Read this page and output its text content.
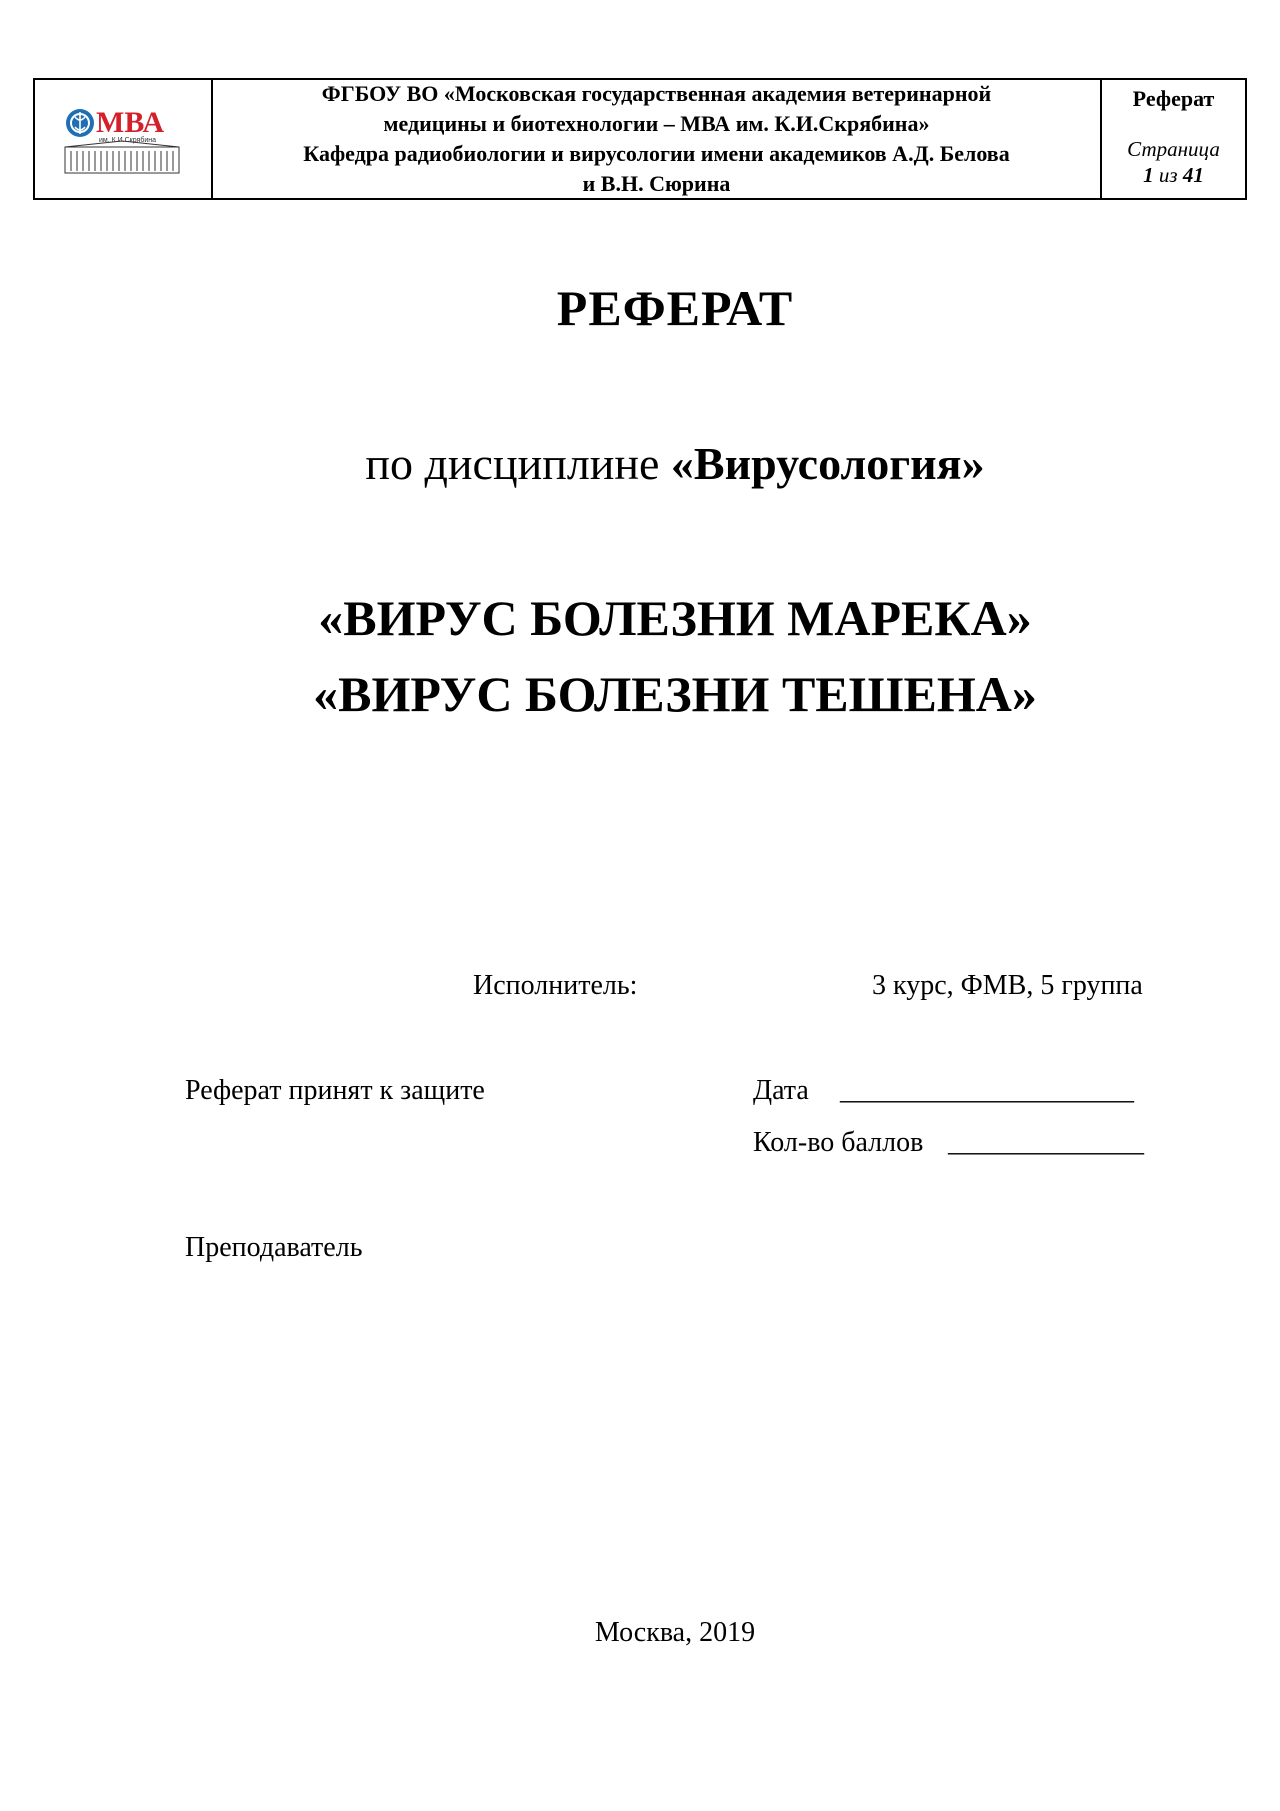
МВА
им. К.И.Скрябина
ФГБОУ ВО «Московская государственная академия ветеринарной
медицины и биотехнологии – МВА им. К.И.Скрябина»
Кафедра радиобиологии и вирусологии имени академиков А.Д. Белова
и В.Н. Сюрина
Реферат
Страница
1 из 41
РЕФЕРАТ
по дисциплине «Вирусология»
«ВИРУС БОЛЕЗНИ МАРЕКА»
«ВИРУС БОЛЕЗНИ ТЕШЕНА»
Исполнитель:	3 курс, ФМВ, 5 группа
Реферат принят к защите	Дата _____________________
Кол-во баллов ______________
Преподаватель
Москва, 2019
